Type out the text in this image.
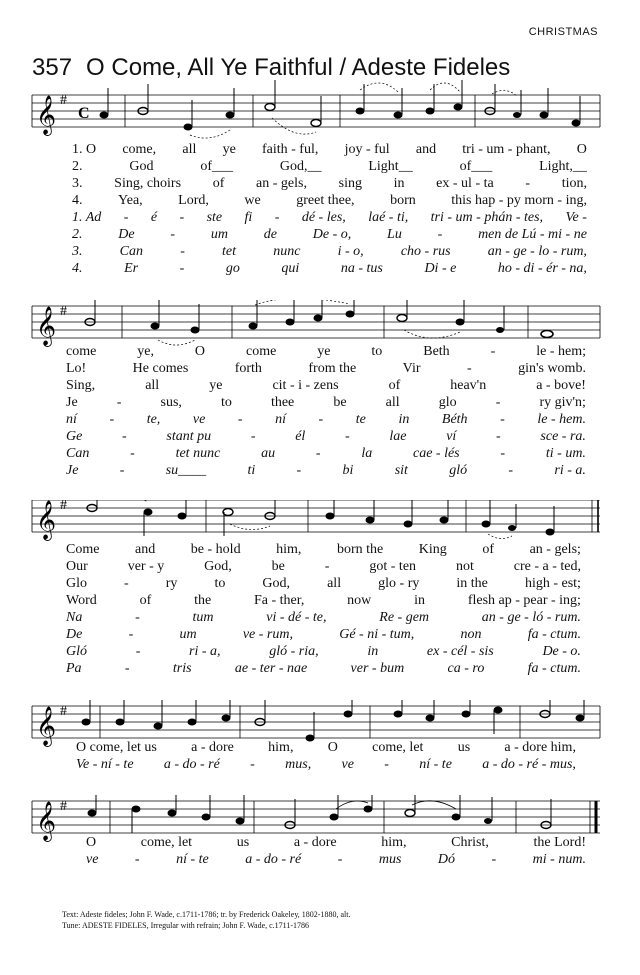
CHRISTMAS
357 O Come, All Ye Faithful / Adeste Fideles
𝄞 #
C
1. O come, all ye faith - ful, joy - ful and tri - um - phant, O
2.	God	of___	God,__	Light__	of___	Light,__
3. Sing, choirs of an - gels, sing in ex - ul - ta - tion,
4.	Yea,	Lord,	we	greet thee,	born	this hap - py morn - ing,
1. Ad - é - ste fi - dé - les, laé - ti, tri - um - phán - tes, Ve -
2.	De	-	um	de	De - o,	Lu	-	men de Lú - mi - ne
3.	Can	-	tet	nunc	i - o,	cho - rus	an - ge - lo - rum,
4.	Er	-	go	qui	na - tus	Di - e	ho - di - ér - na,
𝄞 #
come	ye,	O	come	ye	to	Beth	-	le - hem;
Lo!	He comes	forth	from the	Vir	-	gin's womb.
Sing,	all	ye	cit - i - zens	of	heav'n	a - bove!
Je	-	sus,	to	thee	be	all	glo	-	ry giv'n;
ní - te, ve - ní - te in Béth - le - hem.
Ge	-	stant pu	-	él	-	lae	ví	-	sce - ra.
Can	-	tet nunc	au	-	la	cae - lés	-	ti - um.
Je	-	su____	ti	-	bi	sit	gló	-	ri - a.
𝄞 #
Come	and	be - hold	him,	born the	King	of	an - gels;
Our	ver - y	God,	be	-	got - ten	not	cre - a - ted,
Glo	-	ry	to	God,	all	glo - ry	in the	high - est;
Word	of	the	Fa - ther,	now	in	flesh ap - pear - ing;
Na	-	tum	vi - dé - te,	Re - gem	an - ge - ló - rum.
De	-	um	ve - rum,	Gé - ni - tum,	non	fa - ctum.
Gló	-	ri - a,	gló - ria,	in	ex - cél - sis	De - o.
Pa	-	tris	ae - ter - nae	ver - bum	ca - ro	fa - ctum.
𝄞 #
O come, let us a - dore him, O come, let us a - dore him,
Ve - ní - te a - do - ré - mus, ve - ní - te a - do - ré - mus,
𝄞 #
O	come, let	us	a - dore	him,	Christ,	the Lord!
ve	-	ní - te	a - do - ré	-	mus	Dó	-	mi - num.
Text: Adeste fideles; John F. Wade, c.1711-1786; tr. by Frederick Oakeley, 1802-1880, alt.
Tune: ADESTE FIDELES, Irregular with refrain; John F. Wade, c.1711-1786
